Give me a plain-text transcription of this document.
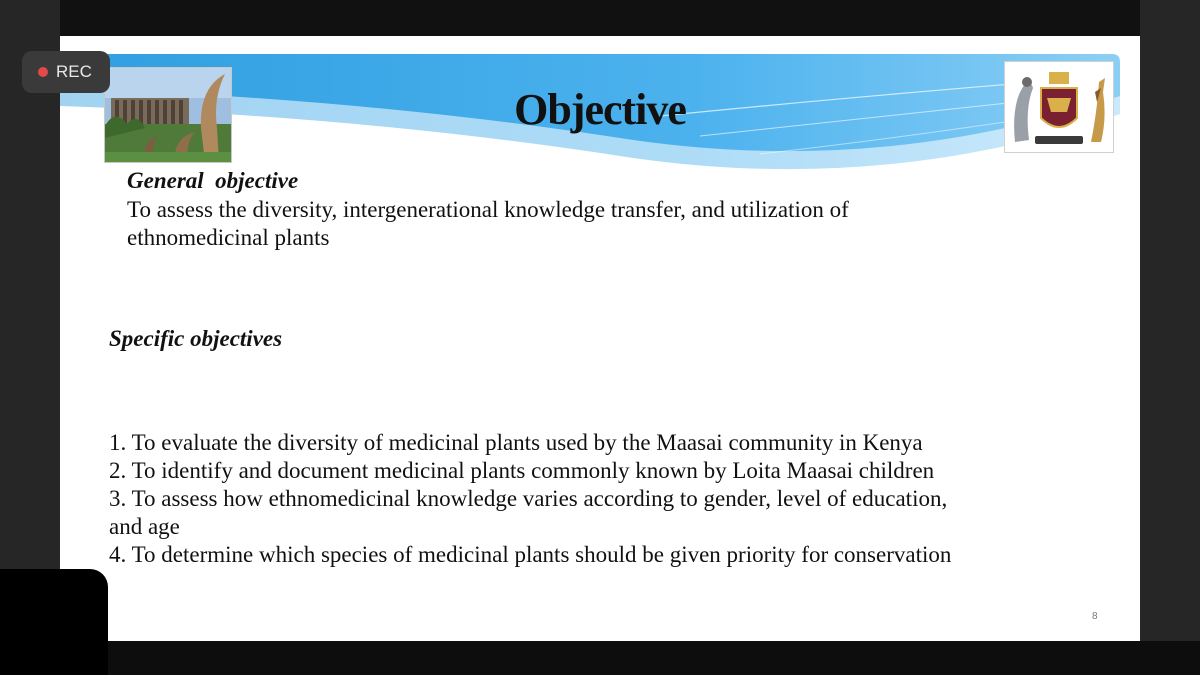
Objective
General  objective
To assess the diversity, intergenerational knowledge transfer, and utilization of
ethnomedicinal plants
Specific objectives
1. To evaluate the diversity of medicinal plants used by the Maasai community in Kenya
2. To identify and document medicinal plants commonly known by Loita Maasai children
3. To assess how ethnomedicinal knowledge varies according to gender, level of education,
and age
4. To determine which species of medicinal plants should be given priority for conservation
8
REC
